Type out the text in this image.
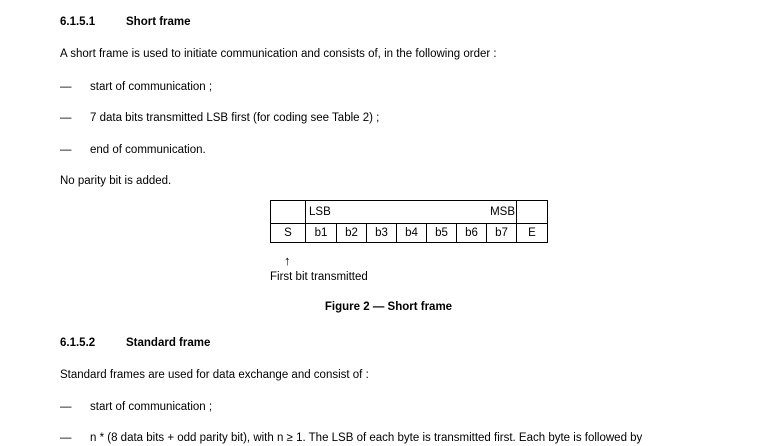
6.1.5.1	Short frame
A short frame is used to initiate communication and consists of, in the following order :
— start of communication ;
— 7 data bits transmitted LSB first (for coding see Table 2) ;
— end of communication.
No parity bit is added.
	LSB				MSB			
S	b1	b2	b3	b4	b5	b6	b7	E
↑
First bit transmitted
Figure 2 — Short frame
6.1.5.2	Standard frame
Standard frames are used for data exchange and consist of :
— start of communication ;
— n * (8 data bits + odd parity bit), with n ≥ 1. The LSB of each byte is transmitted first. Each byte is followed by
